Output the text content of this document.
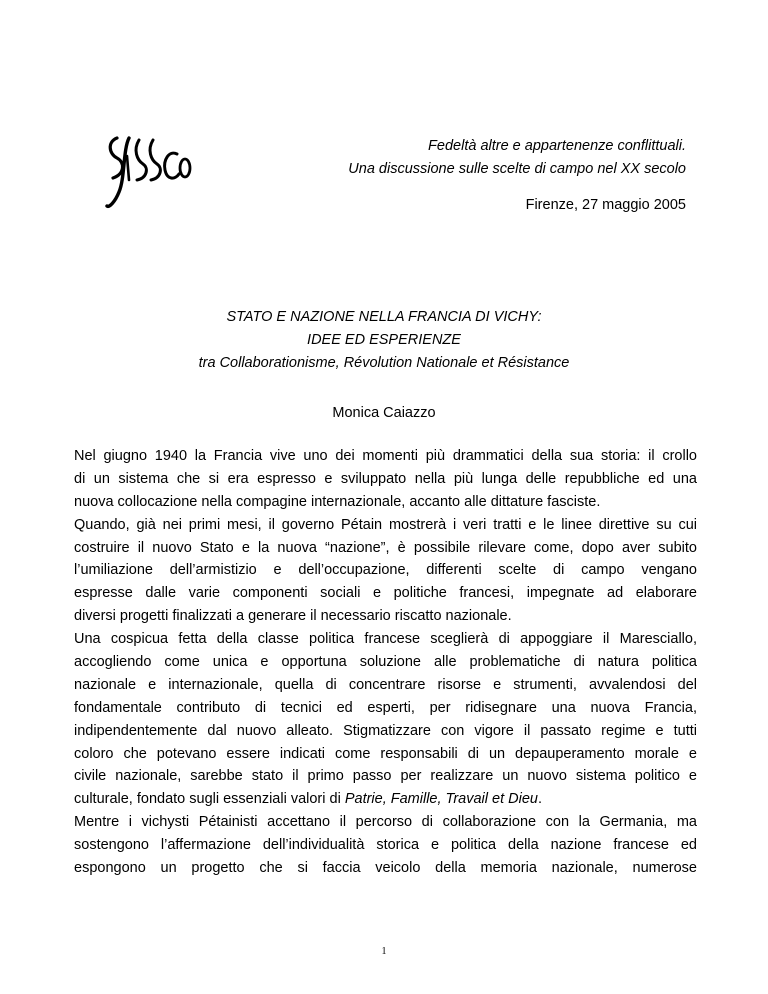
Fedeltà altre e appartenenze conflittuali.
Una discussione sulle scelte di campo nel XX secolo
Firenze, 27 maggio 2005
STATO E NAZIONE NELLA FRANCIA DI VICHY:
IDEE ED ESPERIENZE
tra Collaborationisme, Révolution Nationale et Résistance
Monica Caiazzo
Nel giugno 1940 la Francia vive uno dei momenti più drammatici della sua storia: il crollo
di un sistema che si era espresso e sviluppato nella più lunga delle repubbliche ed una
nuova collocazione nella compagine internazionale, accanto alle dittature fasciste.
Quando, già nei primi mesi, il governo Pétain mostrerà i veri tratti e le linee direttive su cui
costruire il nuovo Stato e la nuova “nazione”, è possibile rilevare come, dopo aver subito
l’umiliazione dell’armistizio e dell’occupazione, differenti scelte di campo vengano
espresse dalle varie componenti sociali e politiche francesi, impegnate ad elaborare
diversi progetti finalizzati a generare il necessario riscatto nazionale.
Una cospicua fetta della classe politica francese sceglierà di appoggiare il Maresciallo,
accogliendo come unica e opportuna soluzione alle problematiche di natura politica
nazionale e internazionale, quella di concentrare risorse e strumenti, avvalendosi del
fondamentale contributo di tecnici ed esperti, per ridisegnare una nuova Francia,
indipendentemente dal nuovo alleato. Stigmatizzare con vigore il passato regime e tutti
coloro che potevano essere indicati come responsabili di un depauperamento morale e
civile nazionale, sarebbe stato il primo passo per realizzare un nuovo sistema politico e
culturale, fondato sugli essenziali valori di Patrie, Famille, Travail et Dieu.
Mentre i vichysti Pétainisti accettano il percorso di collaborazione con la Germania, ma
sostengono l’affermazione dell’individualità storica e politica della nazione francese ed
espongono un progetto che si faccia veicolo della memoria nazionale, numerose
1
